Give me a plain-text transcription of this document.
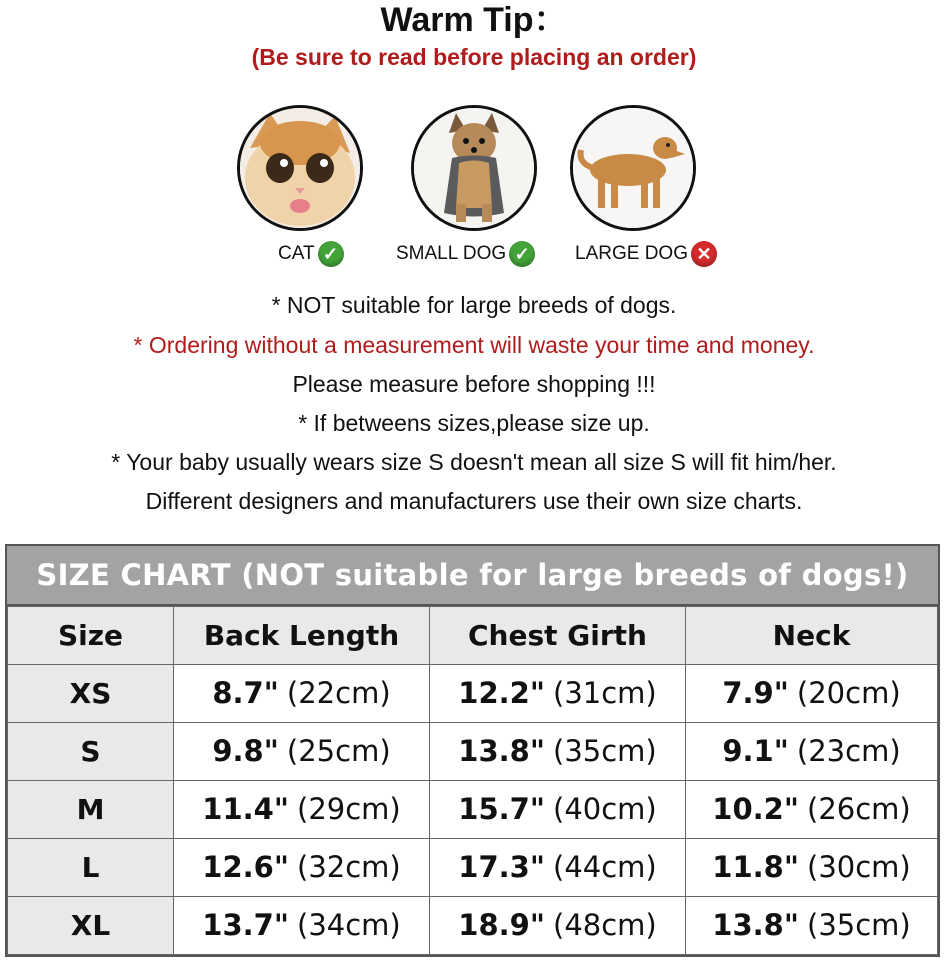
Warm Tip：
(Be sure to read before placing an order)
CAT ✓	SMALL DOG ✓ LARGE DOG ✕
* NOT suitable for large breeds of dogs.
* Ordering without a measurement will waste your time and money.
Please measure before shopping !!!
* If betweens sizes,please size up.
* Your baby usually wears size S doesn't mean all size S will fit him/her.
Different designers and manufacturers use their own size charts.
SIZE CHART (NOT suitable for large breeds of dogs!)
Size	Back Length	Chest Girth	Neck
XS	8.7" (22cm)	12.2" (31cm)	7.9" (20cm)
S	9.8" (25cm)	13.8" (35cm)	9.1" (23cm)
M	11.4" (29cm)	15.7" (40cm)	10.2" (26cm)
L	12.6" (32cm)	17.3" (44cm)	11.8" (30cm)
XL	13.7" (34cm)	18.9" (48cm)	13.8" (35cm)
